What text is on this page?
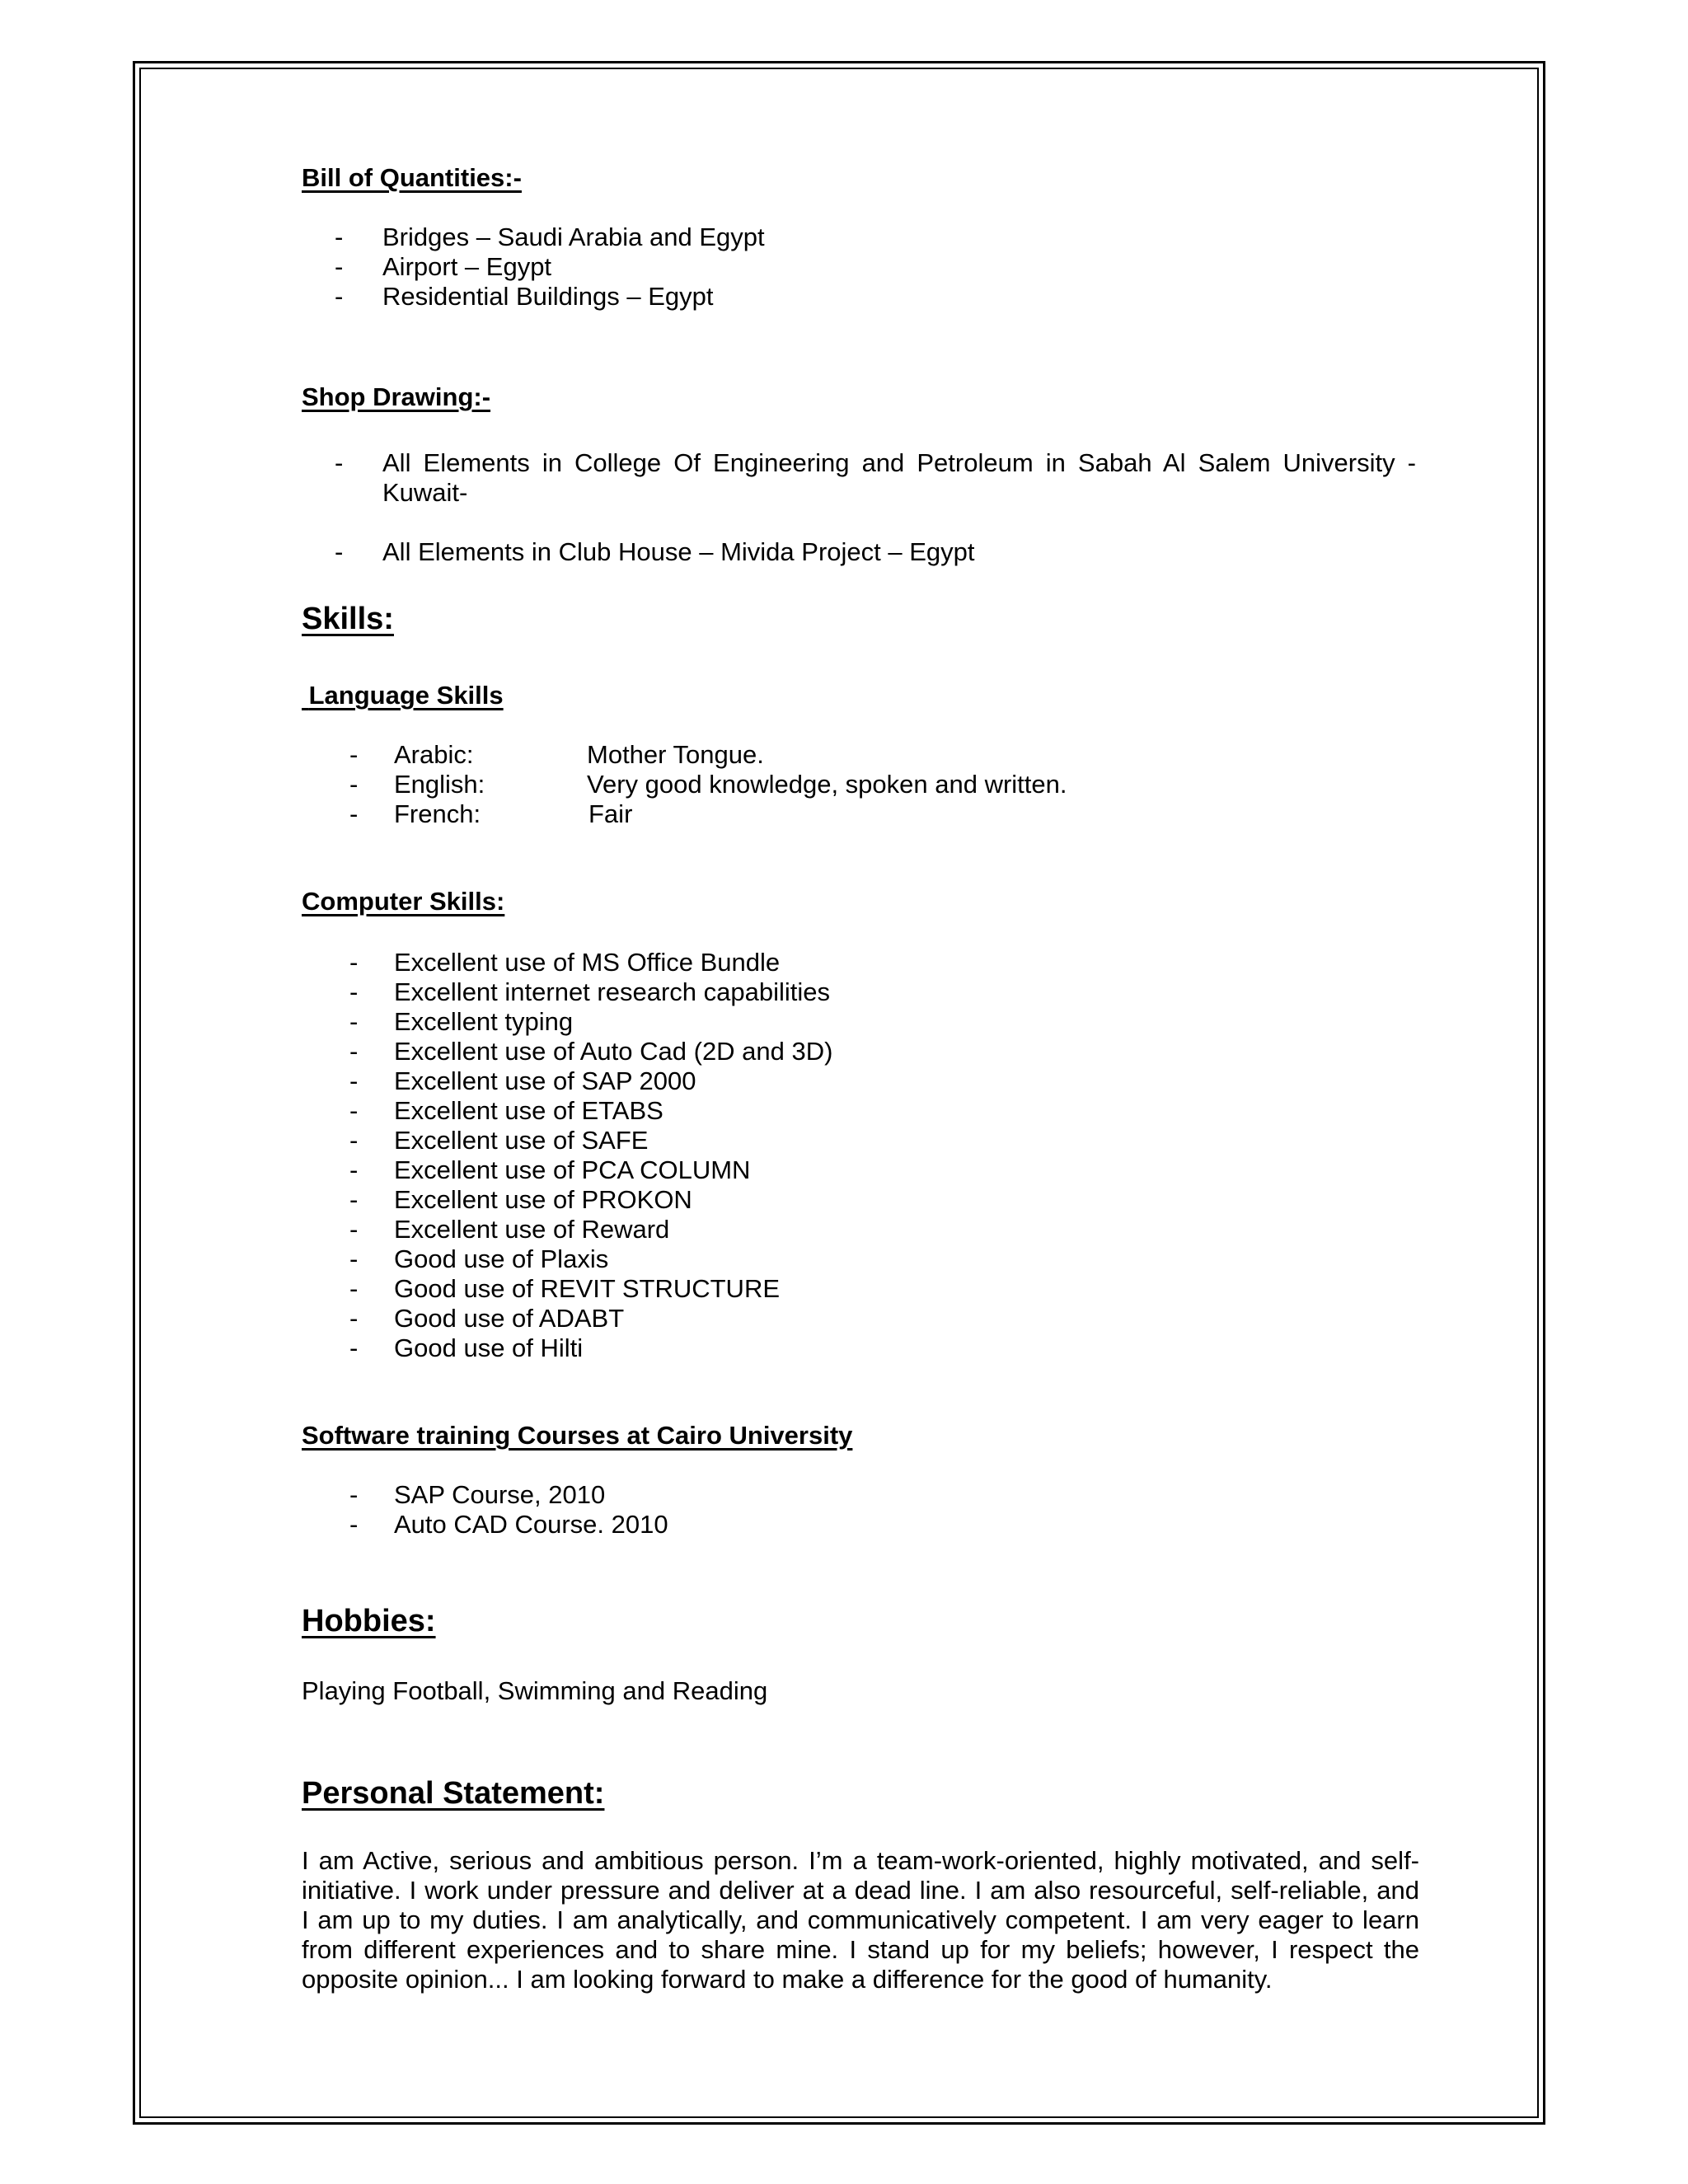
Bill of Quantities:-
- Bridges – Saudi Arabia and Egypt
- Airport – Egypt
- Residential Buildings – Egypt
Shop Drawing:-
- All Elements in College Of Engineering and Petroleum in Sabah Al Salem University -
Kuwait-
- All Elements in Club House – Mivida Project – Egypt
Skills:
Language Skills
- Arabic:	Mother Tongue.
- English:	Very good knowledge, spoken and written.
- French:	Fair
Computer Skills:
- Excellent use of MS Office Bundle
- Excellent internet research capabilities
- Excellent typing
- Excellent use of Auto Cad (2D and 3D)
- Excellent use of SAP 2000
- Excellent use of ETABS
- Excellent use of SAFE
- Excellent use of PCA COLUMN
- Excellent use of PROKON
- Excellent use of Reward
- Good use of Plaxis
- Good use of REVIT STRUCTURE
- Good use of ADABT
- Good use of Hilti
Software training Courses at Cairo University
- SAP Course, 2010
- Auto CAD Course. 2010
Hobbies:
Playing Football, Swimming and Reading
Personal Statement:
I am Active, serious and ambitious person. I’m a team-work-oriented, highly motivated, and self-
initiative. I work under pressure and deliver at a dead line. I am also resourceful, self-reliable, and
I am up to my duties. I am analytically, and communicatively competent. I am very eager to learn
from different experiences and to share mine. I stand up for my beliefs; however, I respect the
opposite opinion... I am looking forward to make a difference for the good of humanity.
